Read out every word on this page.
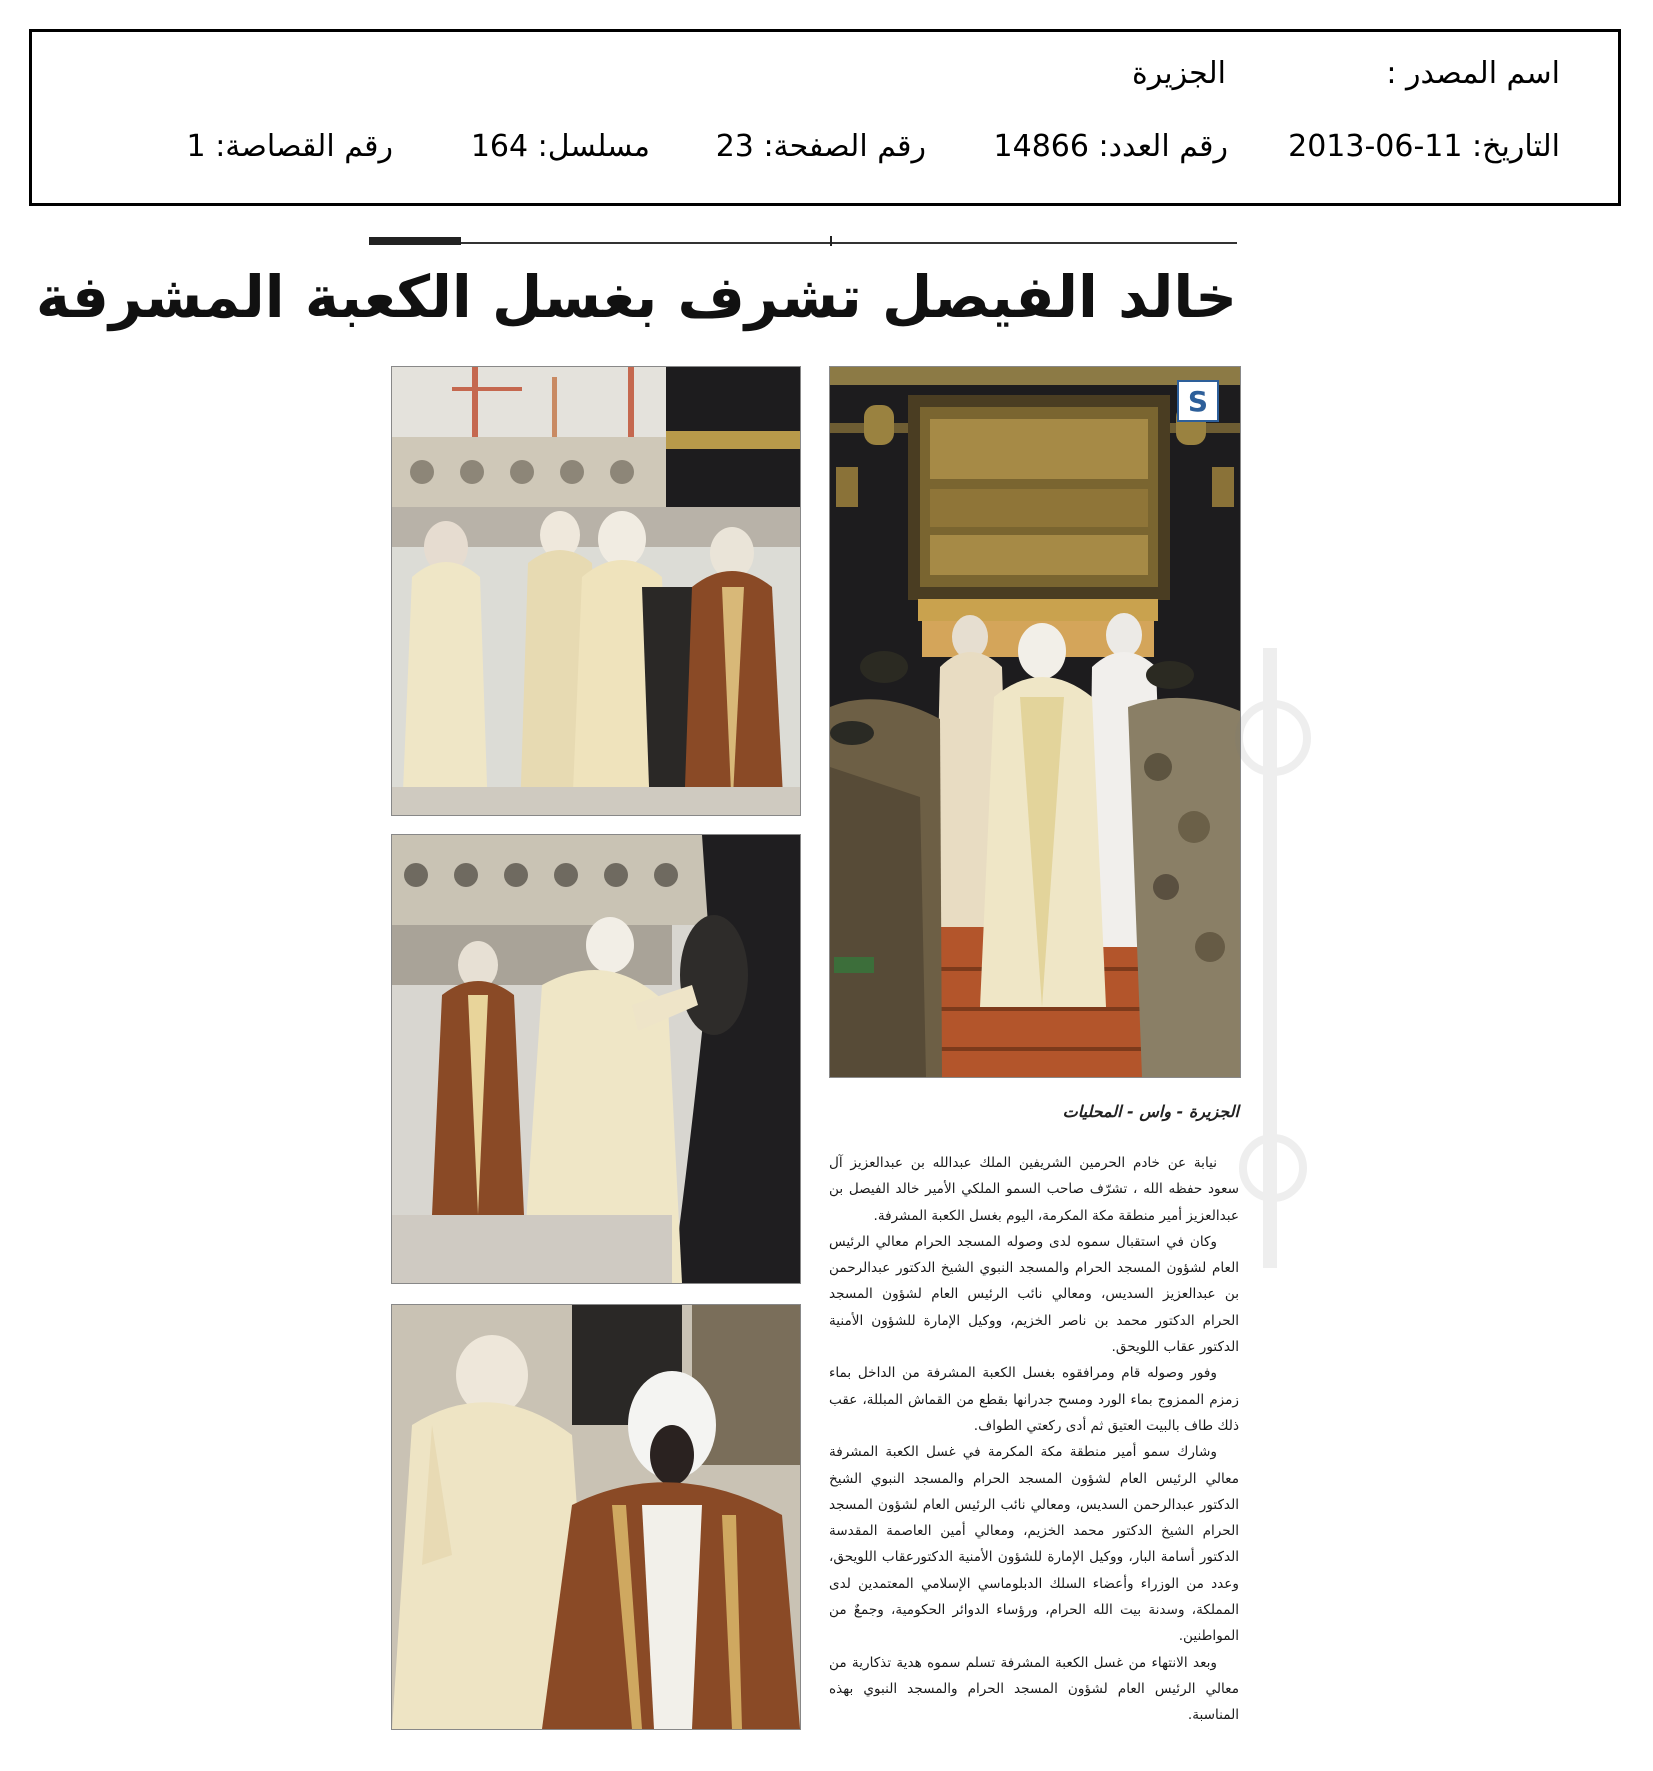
اسم المصدر :
الجزيرة
التاريخ: 2013-06-11
رقم العدد: 14866
رقم الصفحة: 23
مسلسل: 164
رقم القصاصة: 1
خالد الفيصل تشرف بغسل الكعبة المشرفة
S
الجزيرة - واس - المحليات

نيابة عن خادم الحرمين الشريفين الملك عبدالله بن عبدالعزيز آل سعود حفظه الله ، تشرّف صاحب السمو الملكي الأمير خالد الفيصل بن عبدالعزيز أمير منطقة مكة المكرمة، اليوم بغسل الكعبة المشرفة.

وكان في استقبال سموه لدى وصوله المسجد الحرام معالي الرئيس العام لشؤون المسجد الحرام والمسجد النبوي الشيخ الدكتور عبدالرحمن بن عبدالعزيز السديس، ومعالي نائب الرئيس العام لشؤون المسجد الحرام الدكتور محمد بن ناصر الخزيم، ووكيل الإمارة للشؤون الأمنية الدكتور عقاب اللويحق.

وفور وصوله قام ومرافقوه بغسل الكعبة المشرفة من الداخل بماء زمزم الممزوج بماء الورد ومسح جدرانها بقطع من القماش المبللة، عقب ذلك طاف بالبيت العتيق ثم أدى ركعتي الطواف.

وشارك سمو أمير منطقة مكة المكرمة في غسل الكعبة المشرفة معالي الرئيس العام لشؤون المسجد الحرام والمسجد النبوي الشيخ الدكتور عبدالرحمن السديس، ومعالي نائب الرئيس العام لشؤون المسجد الحرام الشيخ الدكتور محمد الخزيم، ومعالي أمين العاصمة المقدسة الدكتور أسامة البار، ووكيل الإمارة للشؤون الأمنية الدكتورعقاب اللويحق، وعدد من الوزراء وأعضاء السلك الدبلوماسي الإسلامي المعتمدين لدى المملكة، وسدنة بيت الله الحرام، ورؤساء الدوائر الحكومية، وجمعٌ من المواطنين.

وبعد الانتهاء من غسل الكعبة المشرفة تسلم سموه هدية تذكارية من معالي الرئيس العام لشؤون المسجد الحرام والمسجد النبوي بهذه المناسبة.
